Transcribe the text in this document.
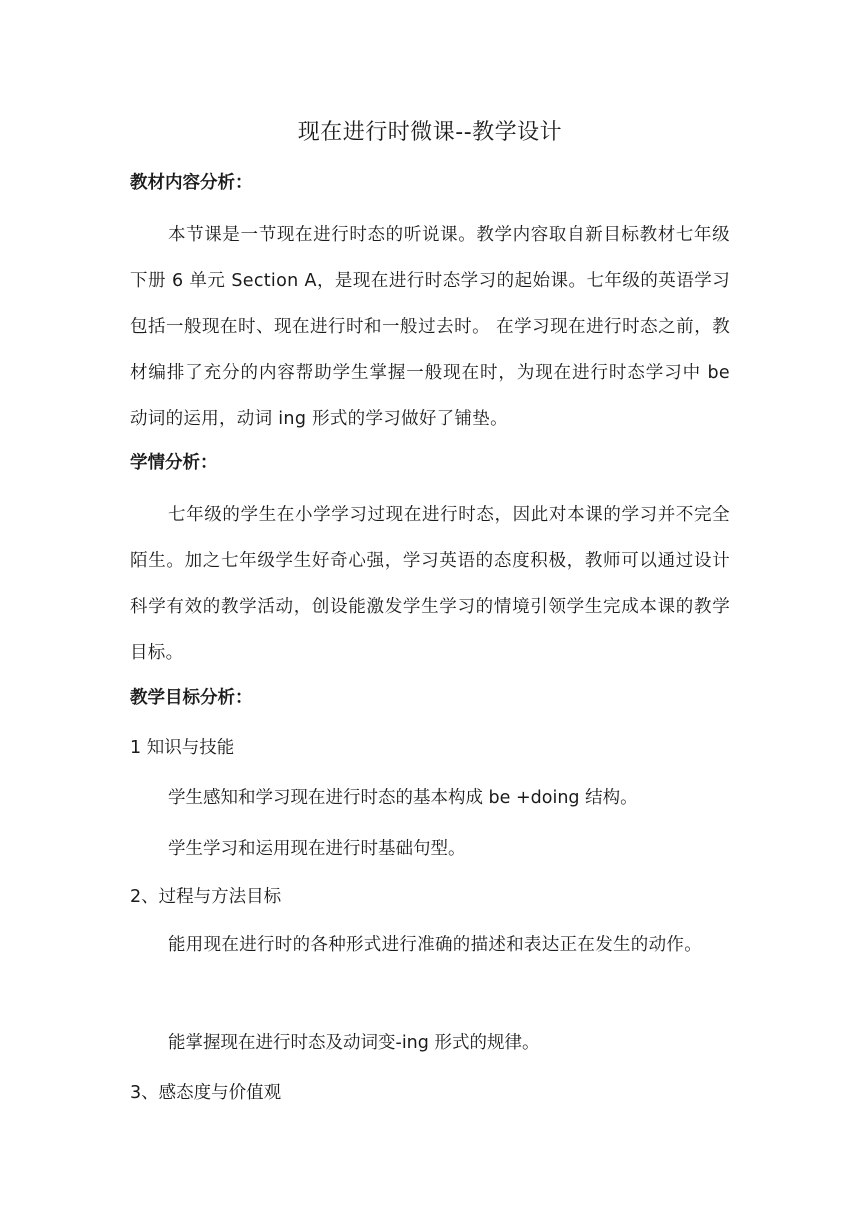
现在进行时微课--教学设计
教材内容分析：
本节课是一节现在进行时态的听说课。教学内容取自新目标教材七年级下册 6 单元 Section A，是现在进行时态学习的起始课。七年级的英语学习包括一般现在时、现在进行时和一般过去时。 在学习现在进行时态之前，教材编排了充分的内容帮助学生掌握一般现在时，为现在进行时态学习中 be 动词的运用，动词 ing 形式的学习做好了铺垫。
学情分析：
七年级的学生在小学学习过现在进行时态，因此对本课的学习并不完全陌生。加之七年级学生好奇心强，学习英语的态度积极，教师可以通过设计科学有效的教学活动，创设能激发学生学习的情境引领学生完成本课的教学目标。
教学目标分析：
1 知识与技能
学生感知和学习现在进行时态的基本构成 be +doing 结构。
学生学习和运用现在进行时基础句型。
2、过程与方法目标
能用现在进行时的各种形式进行准确的描述和表达正在发生的动作。
能掌握现在进行时态及动词变-ing 形式的规律。
3、感态度与价值观
